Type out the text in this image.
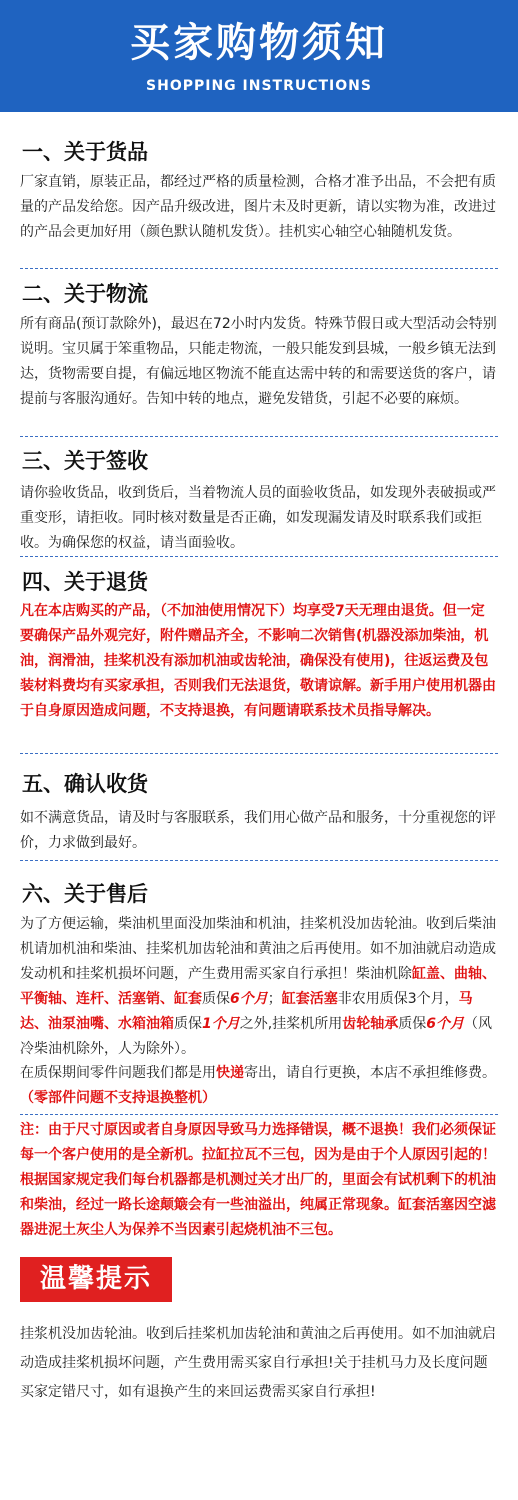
买家购物须知
SHOPPING INSTRUCTIONS
一、关于货品

厂家直销，原装正品，都经过严格的质量检测，合格才准予出品，不会把有质量的产品发给您。因产品升级改进，图片未及时更新，请以实物为准，改进过的产品会更加好用（颜色默认随机发货）。挂机实心轴空心轴随机发货。

二、关于物流

所有商品(预订款除外)，最迟在72小时内发货。特殊节假日或大型活动会特别说明。宝贝属于笨重物品，只能走物流，一般只能发到县城，一般乡镇无法到达，货物需要自提，有偏远地区物流不能直达需中转的和需要送货的客户，请提前与客服沟通好。告知中转的地点，避免发错货，引起不必要的麻烦。

三、关于签收

请你验收货品，收到货后，当着物流人员的面验收货品，如发现外表破损或严重变形，请拒收。同时核对数量是否正确，如发现漏发请及时联系我们或拒收。为确保您的权益，请当面验收。

四、关于退货

凡在本店购买的产品，（不加油使用情况下）均享受7天无理由退货。但一定要确保产品外观完好，附件赠品齐全，不影响二次销售(机器没添加柴油，机油，润滑油，挂桨机没有添加机油或齿轮油，确保没有使用)，往返运费及包装材料费均有买家承担，否则我们无法退货，敬请谅解。新手用户使用机器由于自身原因造成问题，不支持退换，有问题请联系技术员指导解决。

五、确认收货

如不满意货品，请及时与客服联系，我们用心做产品和服务，十分重视您的评价，力求做到最好。

六、关于售后

为了方便运输，柴油机里面没加柴油和机油，挂桨机没加齿轮油。收到后柴油机请加机油和柴油、挂桨机加齿轮油和黄油之后再使用。如不加油就启动造成发动机和挂桨机损坏问题，产生费用需买家自行承担！柴油机除缸盖、曲轴、平衡轴、连杆、活塞销、缸套质保6个月；缸套活塞非农用质保3个月，马达、油泵油嘴、水箱油箱质保1个月之外,挂桨机所用齿轮轴承质保6个月（风冷柴油机除外，人为除外）。

在质保期间零件问题我们都是用快递寄出，请自行更换，本店不承担维修费。（零部件问题不支持退换整机）

注：由于尺寸原因或者自身原因导致马力选择错误，概不退换！我们必须保证每一个客户使用的是全新机。拉缸拉瓦不三包，因为是由于个人原因引起的！根据国家规定我们每台机器都是机测过关才出厂的，里面会有试机剩下的机油和柴油，经过一路长途颠簸会有一些油溢出，纯属正常现象。缸套活塞因空滤器进泥土灰尘人为保养不当因素引起烧机油不三包。

温馨提示

挂浆机没加齿轮油。收到后挂桨机加齿轮油和黄油之后再使用。如不加油就启动造成挂桨机损坏问题，产生费用需买家自行承担!关于挂机马力及长度问题买家定错尺寸，如有退换产生的来回运费需买家自行承担!
